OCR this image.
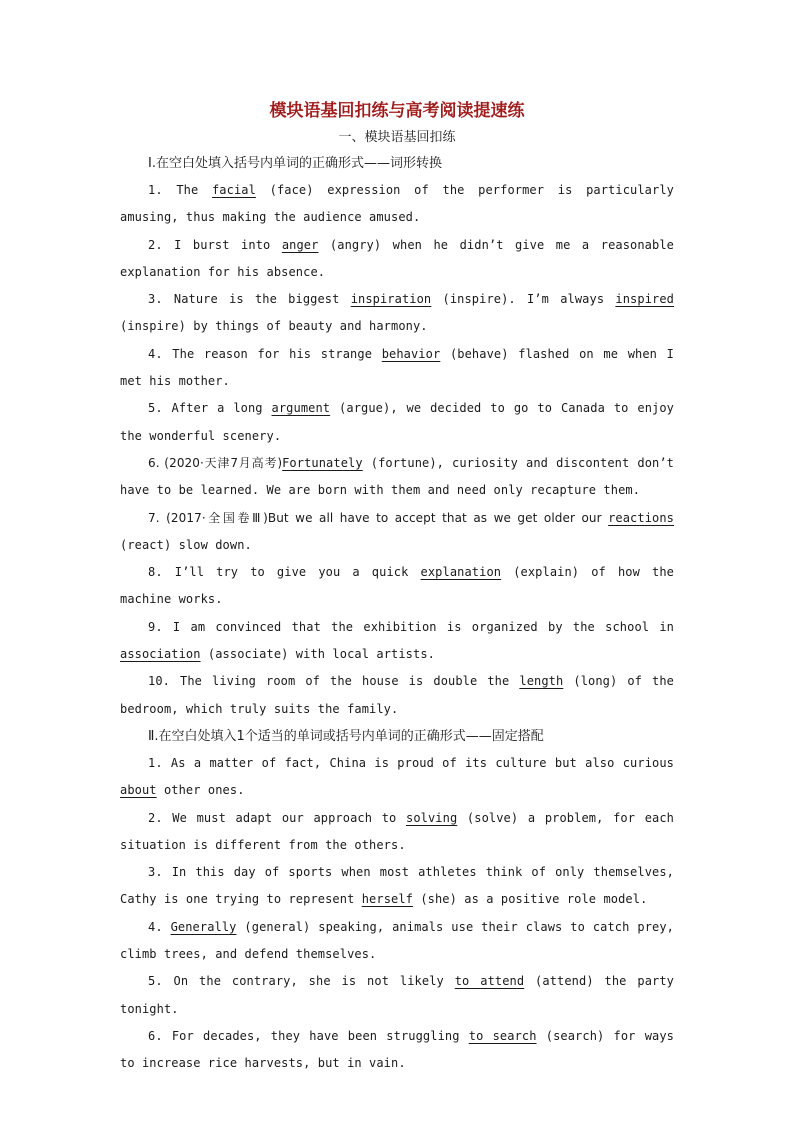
模块语基回扣练与高考阅读提速练

一、模块语基回扣练

Ⅰ.在空白处填入括号内单词的正确形式——词形转换

1. The facial (face) expression of the performer is particularly amusing, thus making the audience amused.

2. I burst into anger (angry) when he didn’t give me a reasonable explanation for his absence.

3. Nature is the biggest inspiration (inspire). I’m always inspired (inspire) by things of beauty and harmony.

4. The reason for his strange behavior (behave) flashed on me when I met his mother.

5. After a long argument (argue), we decided to go to Canada to enjoy the wonderful scenery.

6. (2020·天津7月高考)Fortunately (fortune), curiosity and discontent don’t have to be learned. We are born with them and need only recapture them.

7. (2017·全国卷Ⅲ)But we all have to accept that as we get older our reactions (react) slow down.

8. I’ll try to give you a quick explanation (explain) of how the machine works.

9. I am convinced that the exhibition is organized by the school in association (associate) with local artists.

10. The living room of the house is double the length (long) of the bedroom, which truly suits the family.

Ⅱ.在空白处填入1个适当的单词或括号内单词的正确形式——固定搭配

1. As a matter of fact, China is proud of its culture but also curious about other ones.

2. We must adapt our approach to solving (solve) a problem, for each situation is different from the others.

3. In this day of sports when most athletes think of only themselves, Cathy is one trying to represent herself (she) as a positive role model.

4. Generally (general) speaking, animals use their claws to catch prey, climb trees, and defend themselves.

5. On the contrary, she is not likely to attend (attend) the party tonight.

6. For decades, they have been struggling to search (search) for ways to increase rice harvests, but in vain.
